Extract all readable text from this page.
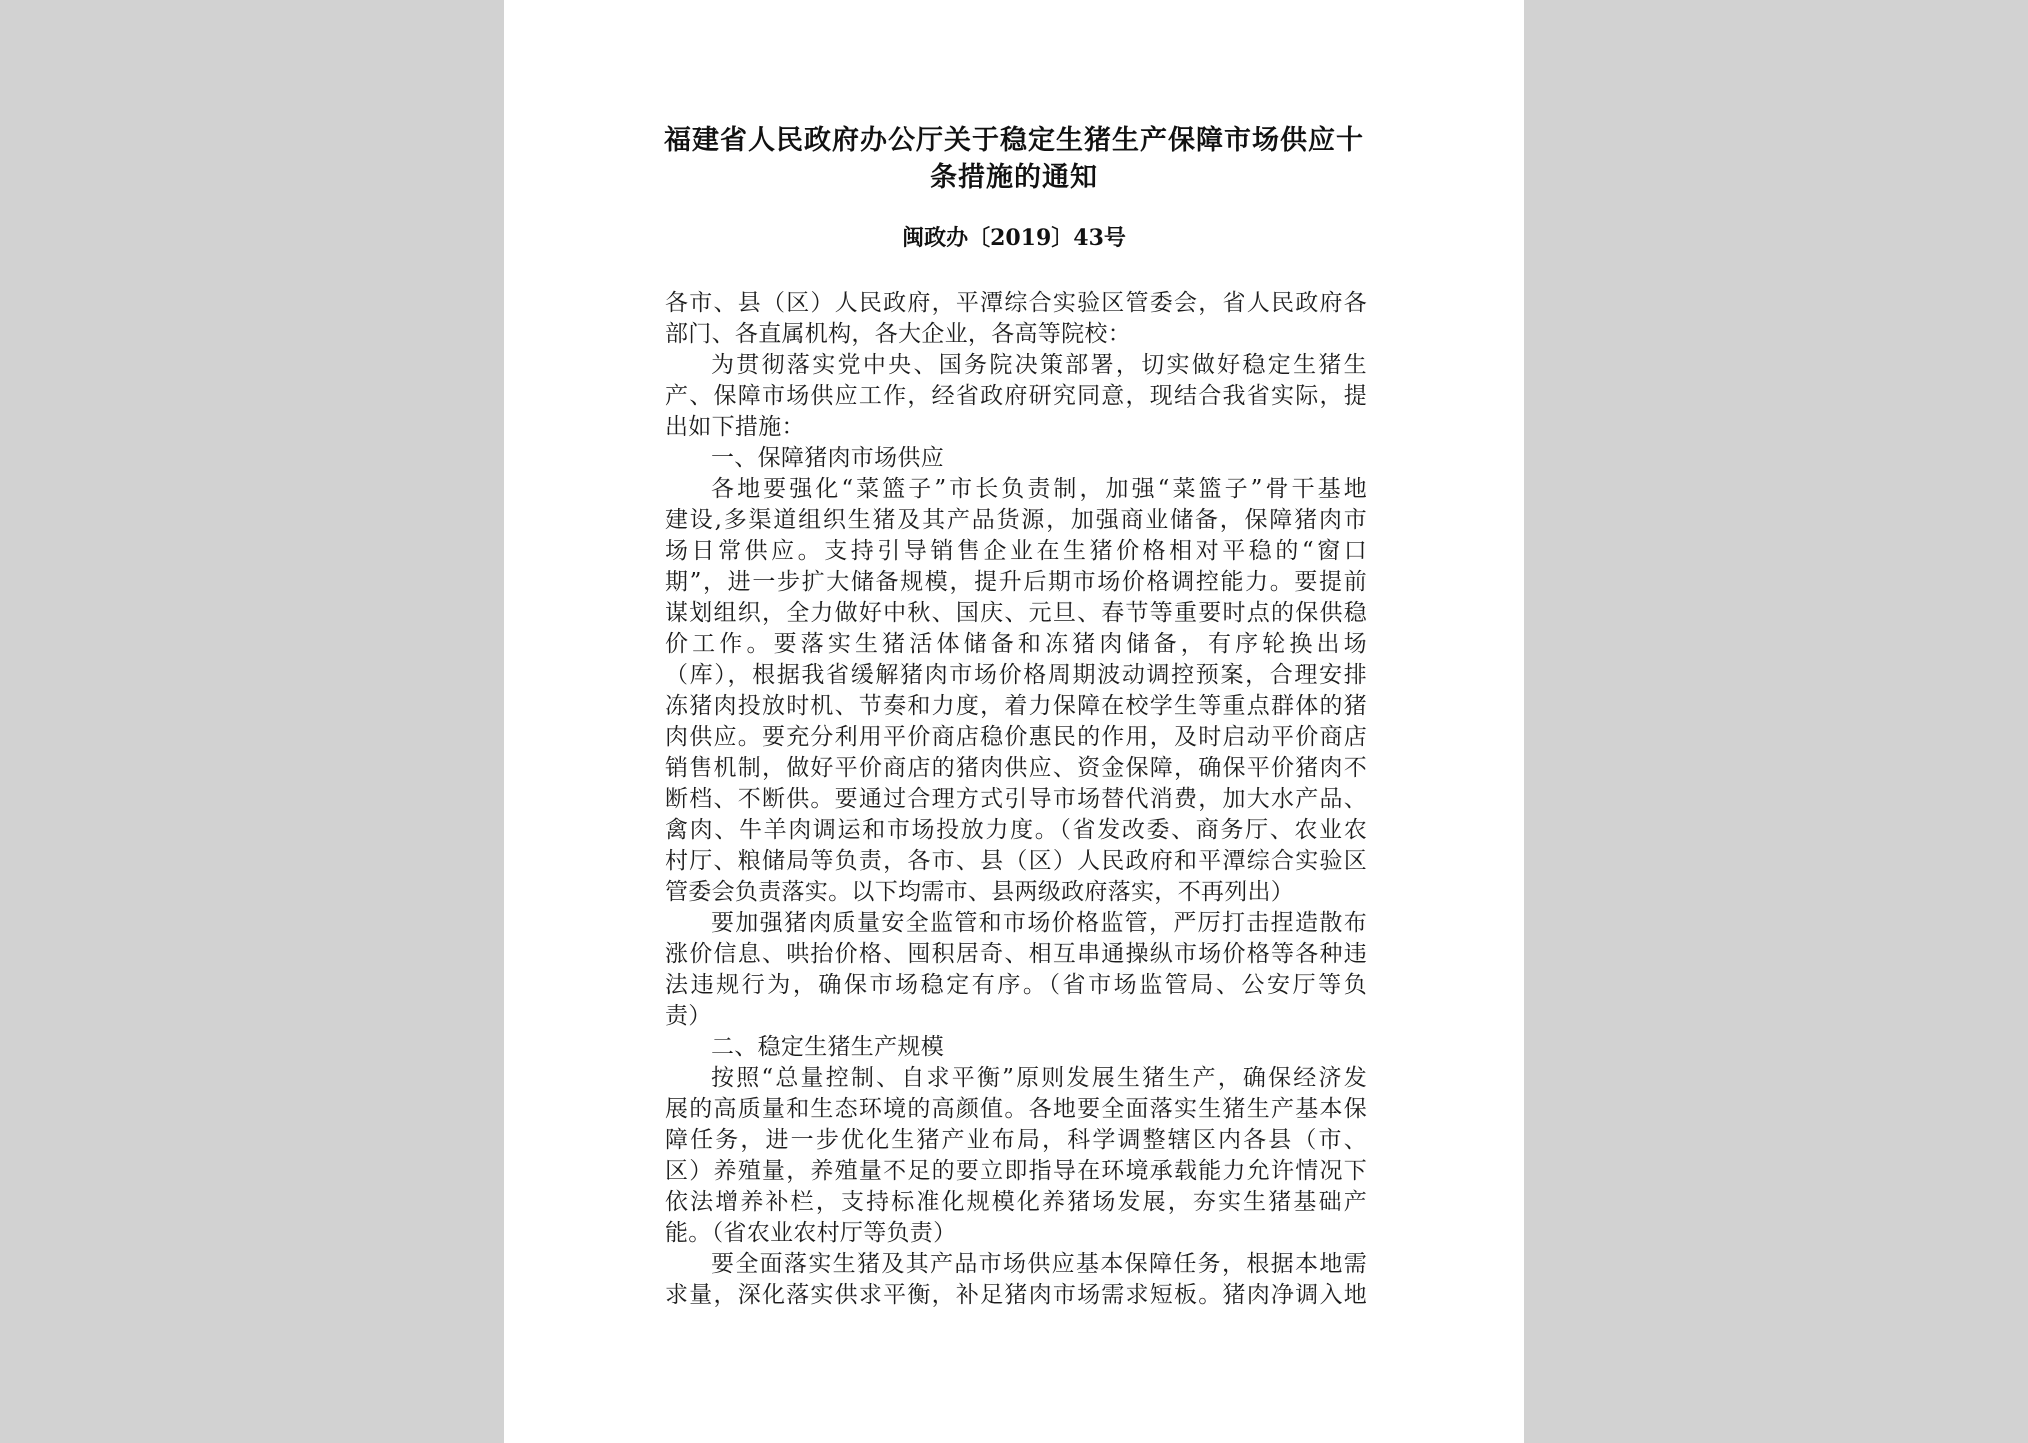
福建省人民政府办公厅关于稳定生猪生产保障市场供应十
条措施的通知
闽政办〔2019〕43号
各市、县（区）人民政府，平潭综合实验区管委会，省人民政府各
部门、各直属机构，各大企业，各高等院校：
为贯彻落实党中央、国务院决策部署，切实做好稳定生猪生
产、保障市场供应工作，经省政府研究同意，现结合我省实际，提
出如下措施：
一、保障猪肉市场供应
各地要强化“菜篮子”市长负责制，加强“菜篮子”骨干基地
建设,多渠道组织生猪及其产品货源，加强商业储备，保障猪肉市
场日常供应。支持引导销售企业在生猪价格相对平稳的“窗口
期”，进一步扩大储备规模，提升后期市场价格调控能力。要提前
谋划组织，全力做好中秋、国庆、元旦、春节等重要时点的保供稳
价工作。要落实生猪活体储备和冻猪肉储备，有序轮换出场
（库），根据我省缓解猪肉市场价格周期波动调控预案，合理安排
冻猪肉投放时机、节奏和力度，着力保障在校学生等重点群体的猪
肉供应。要充分利用平价商店稳价惠民的作用，及时启动平价商店
销售机制，做好平价商店的猪肉供应、资金保障，确保平价猪肉不
断档、不断供。要通过合理方式引导市场替代消费，加大水产品、
禽肉、牛羊肉调运和市场投放力度。（省发改委、商务厅、农业农
村厅、粮储局等负责，各市、县（区）人民政府和平潭综合实验区
管委会负责落实。以下均需市、县两级政府落实，不再列出）
要加强猪肉质量安全监管和市场价格监管，严厉打击捏造散布
涨价信息、哄抬价格、囤积居奇、相互串通操纵市场价格等各种违
法违规行为，确保市场稳定有序。（省市场监管局、公安厅等负
责）
二、稳定生猪生产规模
按照“总量控制、自求平衡”原则发展生猪生产，确保经济发
展的高质量和生态环境的高颜值。各地要全面落实生猪生产基本保
障任务，进一步优化生猪产业布局，科学调整辖区内各县（市、
区）养殖量，养殖量不足的要立即指导在环境承载能力允许情况下
依法增养补栏，支持标准化规模化养猪场发展，夯实生猪基础产
能。（省农业农村厅等负责）
要全面落实生猪及其产品市场供应基本保障任务，根据本地需
求量，深化落实供求平衡，补足猪肉市场需求短板。猪肉净调入地
